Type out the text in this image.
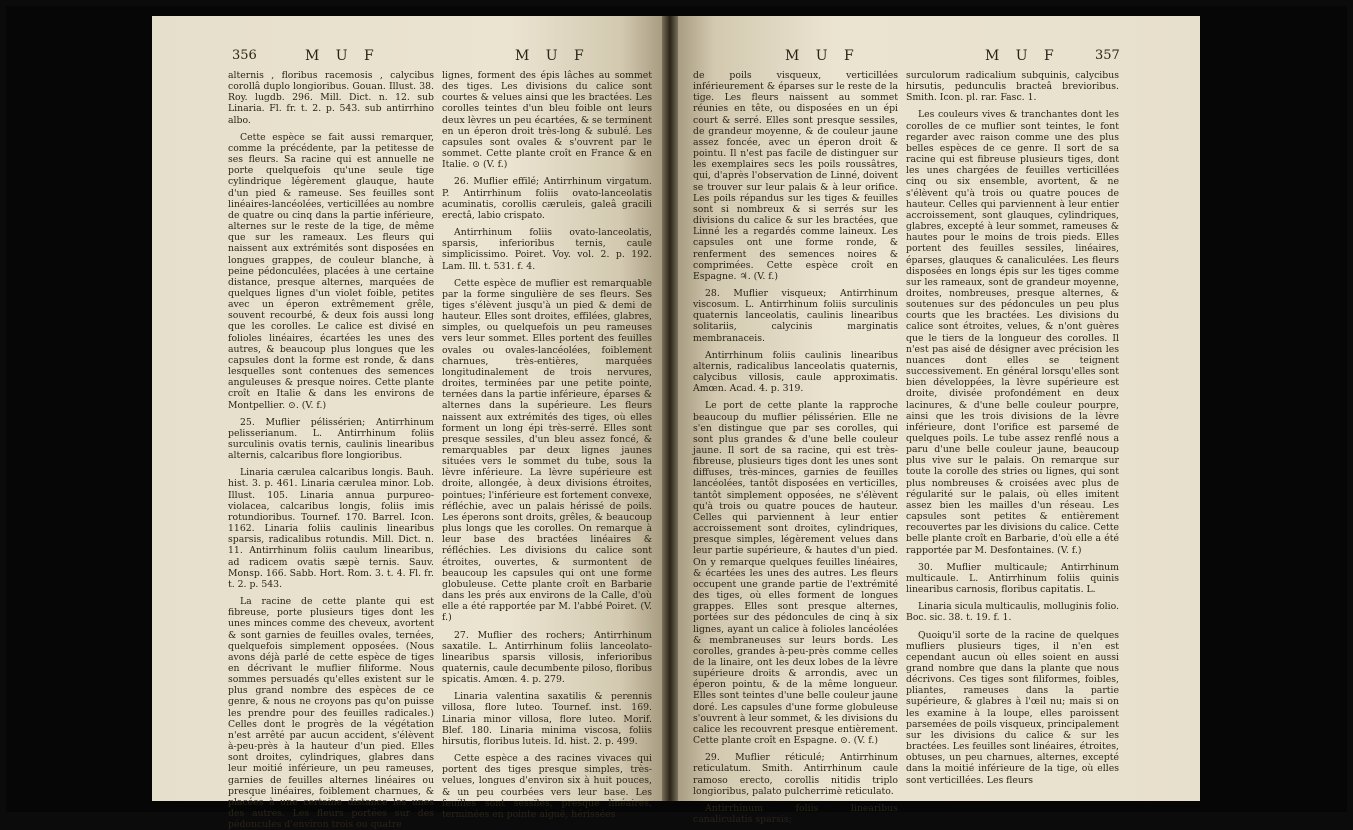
356	M U F	M U F	M U F	M U F	357

alternis , floribus racemosis , calycibus corollâ duplo longioribus. Gouan. Illust. 38. Roy. lugdb. 296. Mill. Dict. n. 12. sub Linaria. Fl. fr. t. 2. p. 543. sub antirrhino albo.

Cette espèce se fait aussi remarquer, comme la précédente, par la petitesse de ses fleurs. Sa racine qui est annuelle ne porte quelquefois qu'une seule tige cylindrique légèrement glauque, haute d'un pied & rameuse. Ses feuilles sont linéaires-lancéolées, verticillées au nombre de quatre ou cinq dans la partie inférieure, alternes sur le reste de la tige, de même que sur les rameaux. Les fleurs qui naissent aux extrémités sont disposées en longues grappes, de couleur blanche, à peine pédonculées, placées à une certaine distance, presque alternes, marquées de quelques lignes d'un violet foible, petites avec un éperon extrêmement grêle, souvent recourbé, & deux fois aussi long que les corolles. Le calice est divisé en folioles linéaires, écartées les unes des autres, & beaucoup plus longues que les capsules dont la forme est ronde, & dans lesquelles sont contenues des semences anguleuses & presque noires. Cette plante croît en Italie & dans les environs de Montpellier. ⊙. (V. f.)

25. Muflier pélissérien; Antirrhinum pelisserianum. L. Antirrhinum foliis surculinis ovatis ternis, caulinis linearibus alternis, calcaribus flore longioribus.

Linaria cærulea calcaribus longis. Bauh. hist. 3. p. 461. Linaria cærulea minor. Lob. Illust. 105. Linaria annua purpureo-violacea, calcaribus longis, foliis imis rotundioribus. Tournef. 170. Barrel. Icon. 1162. Linaria foliis caulinis linearibus sparsis, radicalibus rotundis. Mill. Dict. n. 11. Antirrhinum foliis caulum linearibus, ad radicem ovatis sæpè ternis. Sauv. Monsp. 166. Sabb. Hort. Rom. 3. t. 4. Fl. fr. t. 2. p. 543.

La racine de cette plante qui est fibreuse, porte plusieurs tiges dont les unes minces comme des cheveux, avortent & sont garnies de feuilles ovales, ternées, quelquefois simplement opposées. (Nous avons déjà parlé de cette espèce de tiges en décrivant le muflier filiforme. Nous sommes persuadés qu'elles existent sur le plus grand nombre des espèces de ce genre, & nous ne croyons pas qu'on puisse les prendre pour des feuilles radicales.) Celles dont le progrès de la végétation n'est arrêté par aucun accident, s'élèvent à-peu-près à la hauteur d'un pied. Elles sont droites, cylindriques, glabres dans leur moitié inférieure, un peu rameuses, garnies de feuilles alternes linéaires ou presque linéaires, foiblement charnues, & placées à une certaine distance les unes des autres. Les fleurs portées sur des pédoncules d'environ trois ou quatre

lignes, forment des épis lâches au sommet des tiges. Les divisions du calice sont courtes & velues ainsi que les bractées. Les corolles teintes d'un bleu foible ont leurs deux lèvres un peu écartées, & se terminent en un éperon droit très-long & subulé. Les capsules sont ovales & s'ouvrent par le sommet. Cette plante croît en France & en Italie. ⊙ (V. f.)

26. Muflier effilé; Antirrhinum virgatum. P. Antirrhinum foliis ovato-lanceolatis acuminatis, corollis cæruleis, galeâ gracili erectâ, labio crispato.

Antirrhinum foliis ovato-lanceolatis, sparsis, inferioribus ternis, caule simplicissimo. Poiret. Voy. vol. 2. p. 192. Lam. Ill. t. 531. f. 4.

Cette espèce de muflier est remarquable par la forme singulière de ses fleurs. Ses tiges s'élèvent jusqu'à un pied & demi de hauteur. Elles sont droites, effilées, glabres, simples, ou quelquefois un peu rameuses vers leur sommet. Elles portent des feuilles ovales ou ovales-lancéolées, foiblement charnues, très-entières, marquées longitudinalement de trois nervures, droites, terminées par une petite pointe, ternées dans la partie inférieure, éparses & alternes dans la supérieure. Les fleurs naissent aux extrémités des tiges, où elles forment un long épi très-serré. Elles sont presque sessiles, d'un bleu assez foncé, & remarquables par deux lignes jaunes situées vers le sommet du tube, sous la lèvre inférieure. La lèvre supérieure est droite, allongée, à deux divisions étroites, pointues; l'inférieure est fortement convexe, réfléchie, avec un palais hérissé de poils. Les éperons sont droits, grêles, & beaucoup plus longs que les corolles. On remarque à leur base des bractées linéaires & réfléchies. Les divisions du calice sont étroites, ouvertes, & surmontent de beaucoup les capsules qui ont une forme globuleuse. Cette plante croît en Barbarie dans les prés aux environs de la Calle, d'où elle a été rapportée par M. l'abbé Poiret. (V. f.)

27. Muflier des rochers; Antirrhinum saxatile. L. Antirrhinum foliis lanceolato-linearibus sparsis villosis, inferioribus quaternis, caule decumbente piloso, floribus spicatis. Amœn. 4. p. 279.

Linaria valentina saxatilis & perennis villosa, flore luteo. Tournef. inst. 169. Linaria minor villosa, flore luteo. Morif. Blef. 180. Linaria minima viscosa, foliis hirsutis, floribus luteis. Id. hist. 2. p. 499.

Cette espèce a des racines vivaces qui portent des tiges presque simples, très-velues, longues d'environ six à huit pouces, & un peu courbées vers leur base. Les feuilles sont sessiles, presque linéaires, terminées en pointe aiguë, hérissées

de poils visqueux, verticillées inférieurement & éparses sur le reste de la tige. Les fleurs naissent au sommet réunies en tête, ou disposées en un épi court & serré. Elles sont presque sessiles, de grandeur moyenne, & de couleur jaune assez foncée, avec un éperon droit & pointu. Il n'est pas facile de distinguer sur les exemplaires secs les poils roussâtres, qui, d'après l'observation de Linné, doivent se trouver sur leur palais & à leur orifice. Les poils répandus sur les tiges & feuilles sont si nombreux & si serrés sur les divisions du calice & sur les bractées, que Linné les a regardés comme laineux. Les capsules ont une forme ronde, & renferment des semences noires & comprimées. Cette espèce croît en Espagne. ♃. (V. f.)

28. Muflier visqueux; Antirrhinum viscosum. L. Antirrhinum foliis surculinis quaternis lanceolatis, caulinis linearibus solitariis, calycinis marginatis membranaceis.

Antirrhinum foliis caulinis linearibus alternis, radicalibus lanceolatis quaternis, calycibus villosis, caule approximatis. Amœn. Acad. 4. p. 319.

Le port de cette plante la rapproche beaucoup du muflier pélissérien. Elle ne s'en distingue que par ses corolles, qui sont plus grandes & d'une belle couleur jaune. Il sort de sa racine, qui est très-fibreuse, plusieurs tiges dont les unes sont diffuses, très-minces, garnies de feuilles lancéolées, tantôt disposées en verticilles, tantôt simplement opposées, ne s'élèvent qu'à trois ou quatre pouces de hauteur. Celles qui parviennent à leur entier accroissement sont droites, cylindriques, presque simples, légèrement velues dans leur partie supérieure, & hautes d'un pied. On y remarque quelques feuilles linéaires, & écartées les unes des autres. Les fleurs occupent une grande partie de l'extrémité des tiges, où elles forment de longues grappes. Elles sont presque alternes, portées sur des pédoncules de cinq à six lignes, ayant un calice à folioles lancéolées & membraneuses sur leurs bords. Les corolles, grandes à-peu-près comme celles de la linaire, ont les deux lobes de la lèvre supérieure droits & arrondis, avec un éperon pointu, & de la même longueur. Elles sont teintes d'une belle couleur jaune doré. Les capsules d'une forme globuleuse s'ouvrent à leur sommet, & les divisions du calice les recouvrent presque entièrement. Cette plante croît en Espagne. ⊙. (V. f.)

29. Muflier réticulé; Antirrhinum reticulatum. Smith. Antirrhinum caule ramoso erecto, corollis nitidis triplo longioribus, palato pulcherrimè reticulato.

Antirrhinum foliis linearibus canaliculatis sparsis;

surculorum radicalium subquinis, calycibus hirsutis, pedunculis bracteâ brevioribus. Smith. Icon. pl. rar. Fasc. 1.

Les couleurs vives & tranchantes dont les corolles de ce muflier sont teintes, le font regarder avec raison comme une des plus belles espèces de ce genre. Il sort de sa racine qui est fibreuse plusieurs tiges, dont les unes chargées de feuilles verticillées cinq ou six ensemble, avortent, & ne s'élèvent qu'à trois ou quatre pouces de hauteur. Celles qui parviennent à leur entier accroissement, sont glauques, cylindriques, glabres, excepté à leur sommet, rameuses & hautes pour le moins de trois pieds. Elles portent des feuilles sessiles, linéaires, éparses, glauques & canaliculées. Les fleurs disposées en longs épis sur les tiges comme sur les rameaux, sont de grandeur moyenne, droites, nombreuses, presque alternes, & soutenues sur des pédoncules un peu plus courts que les bractées. Les divisions du calice sont étroites, velues, & n'ont guères que le tiers de la longueur des corolles. Il n'est pas aisé de désigner avec précision les nuances dont elles se teignent successivement. En général lorsqu'elles sont bien développées, la lèvre supérieure est droite, divisée profondément en deux lacinures, & d'une belle couleur pourpre, ainsi que les trois divisions de la lèvre inférieure, dont l'orifice est parsemé de quelques poils. Le tube assez renflé nous a paru d'une belle couleur jaune, beaucoup plus vive sur le palais. On remarque sur toute la corolle des stries ou lignes, qui sont plus nombreuses & croisées avec plus de régularité sur le palais, où elles imitent assez bien les mailles d'un réseau. Les capsules sont petites & entièrement recouvertes par les divisions du calice. Cette belle plante croît en Barbarie, d'où elle a été rapportée par M. Desfontaines. (V. f.)

30. Muflier multicaule; Antirrhinum multicaule. L. Antirrhinum foliis quinis linearibus carnosis, floribus capitatis. L.

Linaria sicula multicaulis, molluginis folio. Boc. sic. 38. t. 19. f. 1.

Quoiqu'il sorte de la racine de quelques mufliers plusieurs tiges, il n'en est cependant aucun où elles soient en aussi grand nombre que dans la plante que nous décrivons. Ces tiges sont filiformes, foibles, pliantes, rameuses dans la partie supérieure, & glabres à l'œil nu; mais si on les examine à la loupe, elles paroissent parsemées de poils visqueux, principalement sur les divisions du calice & sur les bractées. Les feuilles sont linéaires, étroites, obtuses, un peu charnues, alternes, excepté dans la moitié inférieure de la tige, où elles sont verticillées. Les fleurs
